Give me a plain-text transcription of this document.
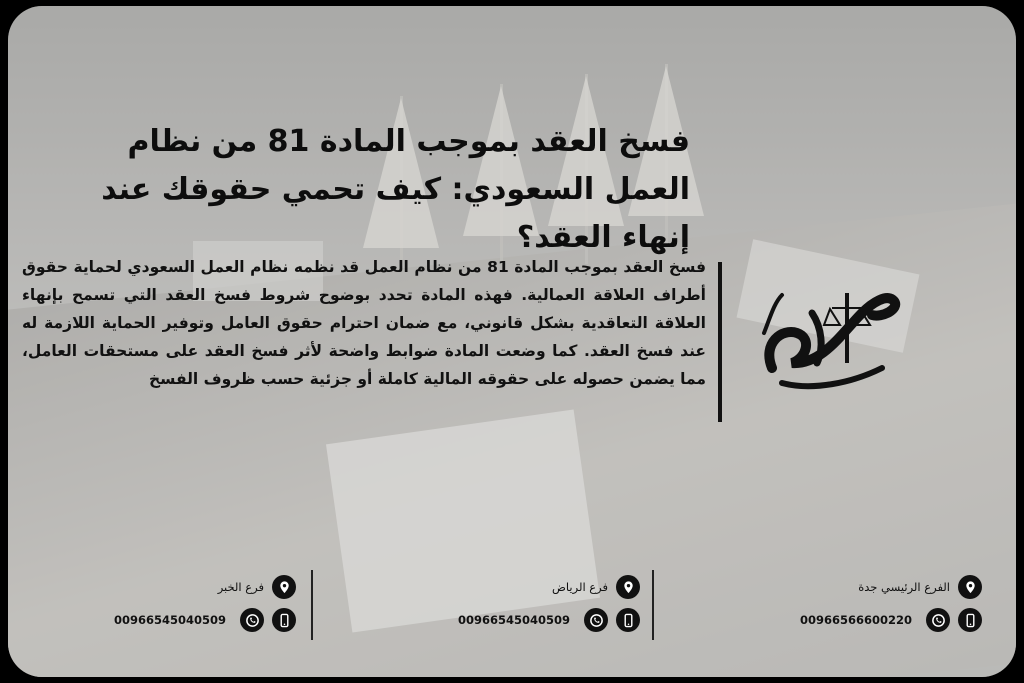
فسخ العقد بموجب المادة 81 من نظام العمل السعودي: كيف تحمي حقوقك عند إنهاء العقد؟
فسخ العقد بموجب المادة 81 من نظام العمل قد نظمه نظام العمل السعودي لحماية حقوق أطراف العلاقة العمالية. فهذه المادة تحدد بوضوح شروط فسخ العقد التي تسمح بإنهاء العلاقة التعاقدية بشكل قانوني، مع ضمان احترام حقوق العامل وتوفير الحماية اللازمة له عند فسخ العقد. كما وضعت المادة ضوابط واضحة لأثر فسخ العقد على مستحقات العامل، مما يضمن حصوله على حقوقه المالية كاملة أو جزئية حسب ظروف الفسخ
الفرع الرئيسي جدة
00966566600220
فرع الرياض
00966545040509
فرع الخبر
00966545040509
